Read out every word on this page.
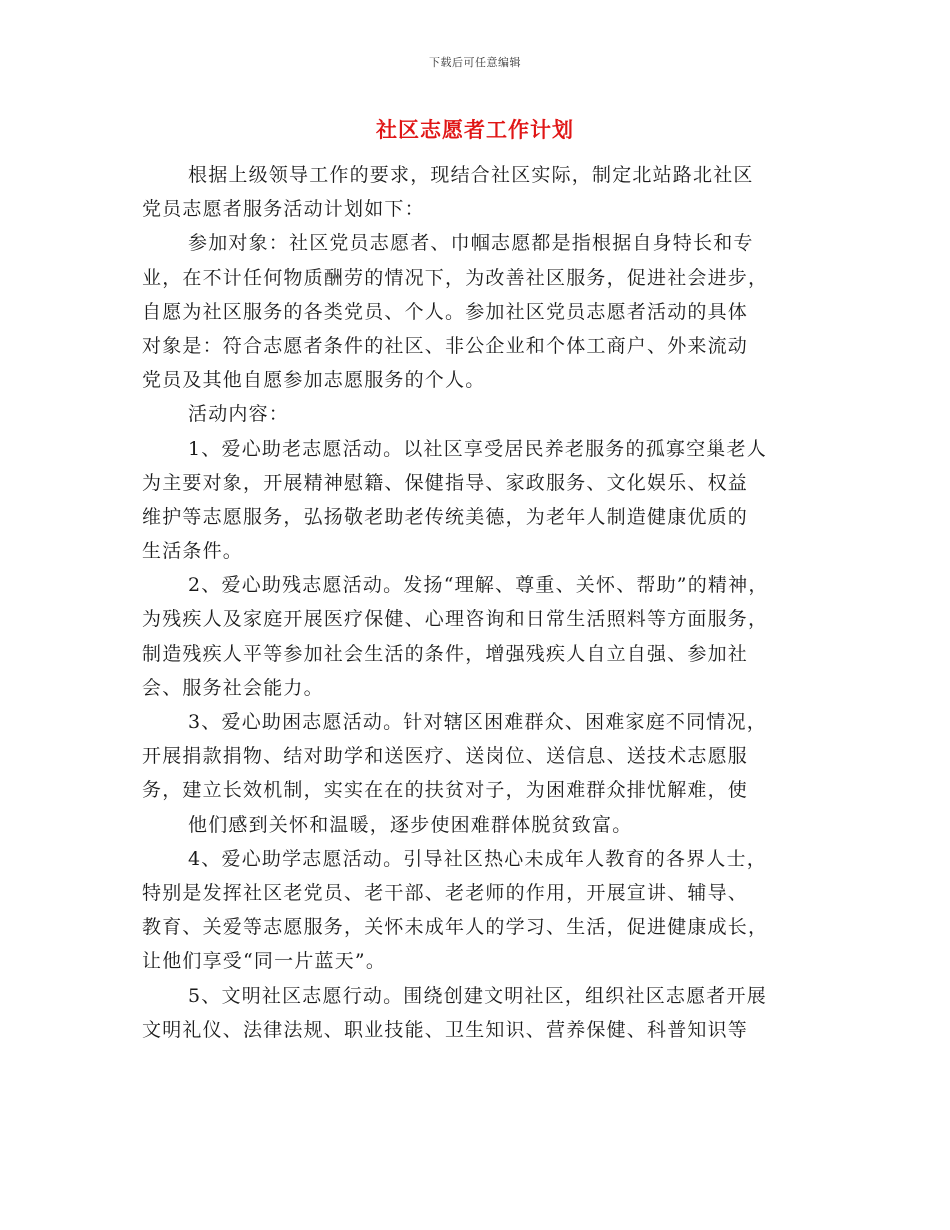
下载后可任意编辑
社区志愿者工作计划
根据上级领导工作的要求，现结合社区实际，制定北站路北社区
党员志愿者服务活动计划如下：
参加对象：社区党员志愿者、巾帼志愿都是指根据自身特长和专
业，在不计任何物质酬劳的情况下，为改善社区服务，促进社会进步，
自愿为社区服务的各类党员、个人。参加社区党员志愿者活动的具体
对象是：符合志愿者条件的社区、非公企业和个体工商户、外来流动
党员及其他自愿参加志愿服务的个人。
活动内容：
1、爱心助老志愿活动。以社区享受居民养老服务的孤寡空巢老人
为主要对象，开展精神慰籍、保健指导、家政服务、文化娱乐、权益
维护等志愿服务，弘扬敬老助老传统美德，为老年人制造健康优质的
生活条件。
2、爱心助残志愿活动。发扬“理解、尊重、关怀、帮助”的精神，
为残疾人及家庭开展医疗保健、心理咨询和日常生活照料等方面服务，
制造残疾人平等参加社会生活的条件，增强残疾人自立自强、参加社
会、服务社会能力。
3、爱心助困志愿活动。针对辖区困难群众、困难家庭不同情况，
开展捐款捐物、结对助学和送医疗、送岗位、送信息、送技术志愿服
务，建立长效机制，实实在在的扶贫对子，为困难群众排忧解难，使
他们感到关怀和温暖，逐步使困难群体脱贫致富。
4、爱心助学志愿活动。引导社区热心未成年人教育的各界人士，
特别是发挥社区老党员、老干部、老老师的作用，开展宣讲、辅导、
教育、关爱等志愿服务，关怀未成年人的学习、生活，促进健康成长，
让他们享受“同一片蓝天”。
5、文明社区志愿行动。围绕创建文明社区，组织社区志愿者开展
文明礼仪、法律法规、职业技能、卫生知识、营养保健、科普知识等
